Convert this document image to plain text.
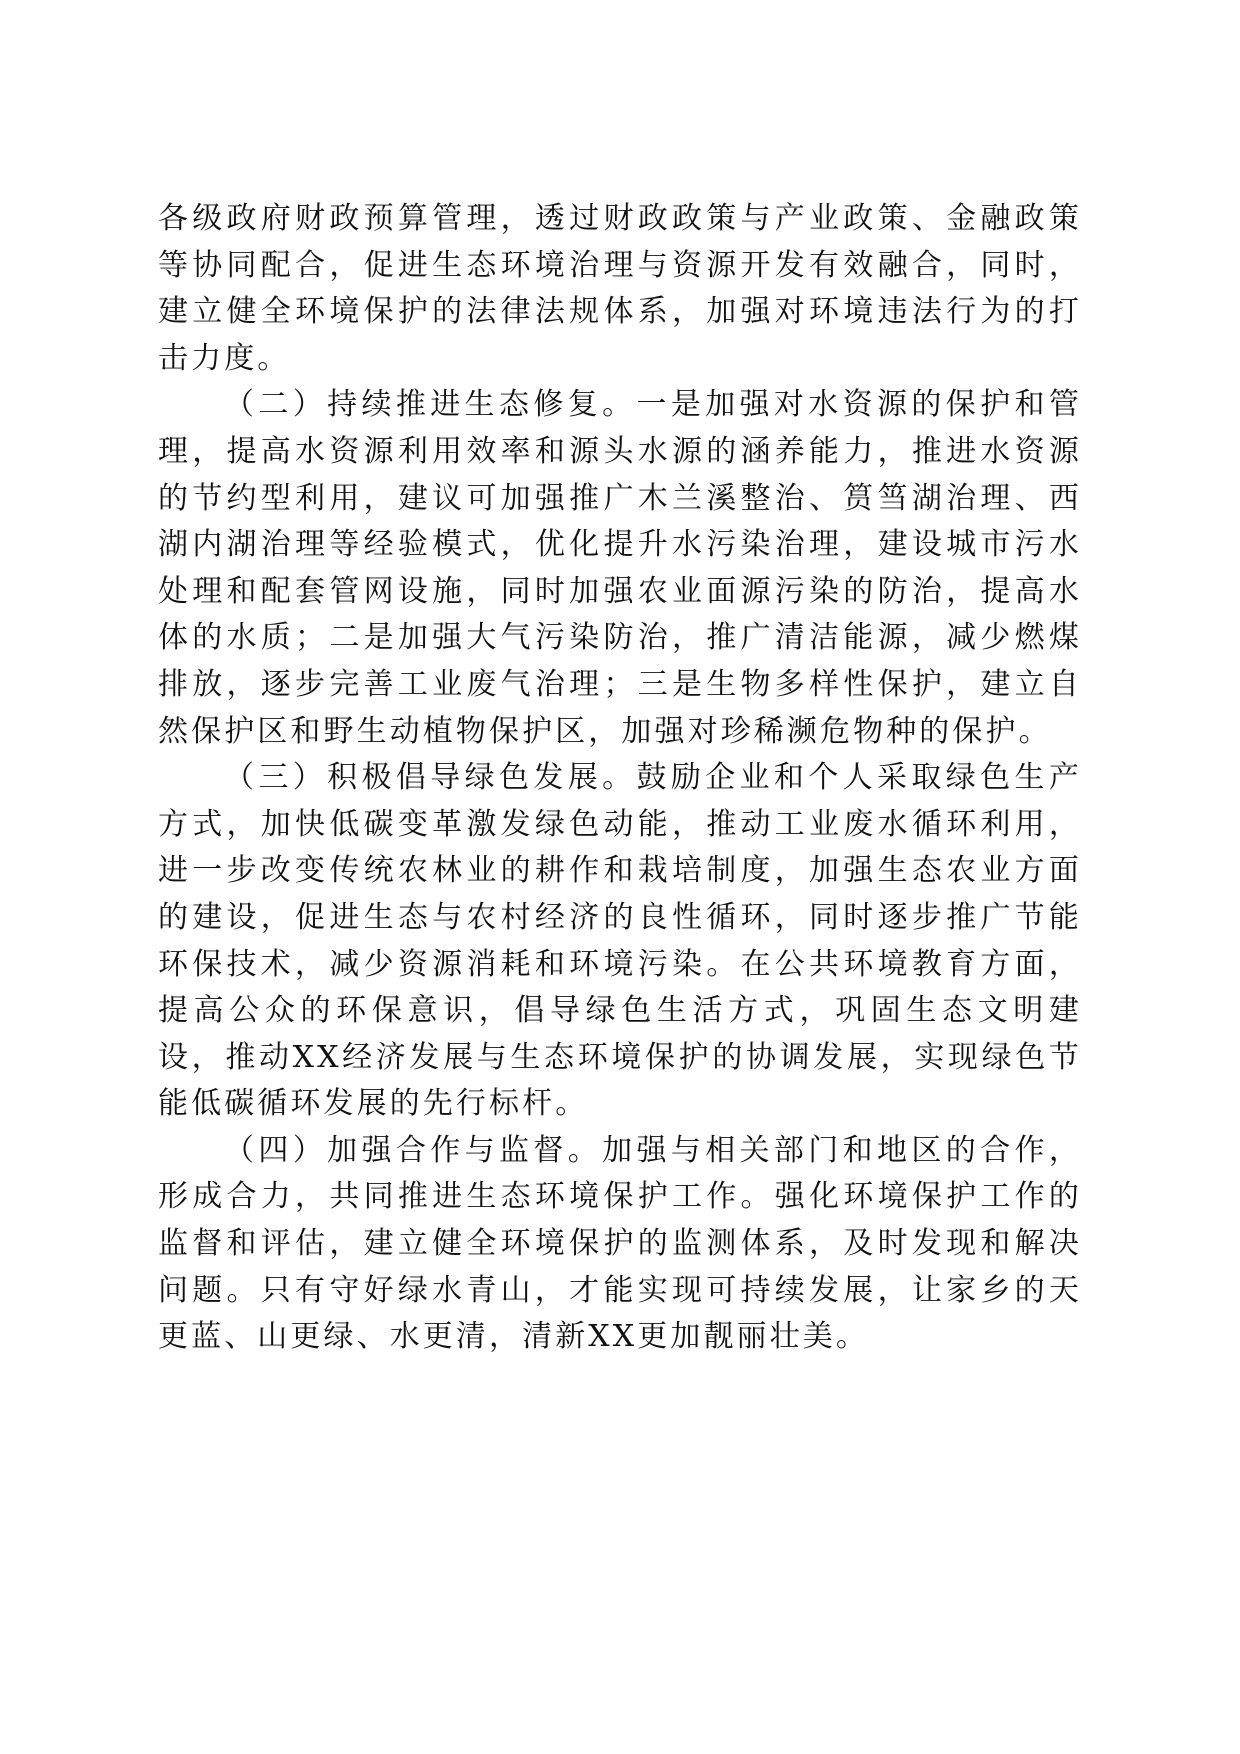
各级政府财政预算管理，透过财政政策与产业政策、金融政策等协同配合，促进生态环境治理与资源开发有效融合，同时，建立健全环境保护的法律法规体系，加强对环境违法行为的打击力度。

（二）持续推进生态修复。一是加强对水资源的保护和管理，提高水资源利用效率和源头水源的涵养能力，推进水资源的节约型利用，建议可加强推广木兰溪整治、筼筜湖治理、西湖内湖治理等经验模式，优化提升水污染治理，建设城市污水处理和配套管网设施，同时加强农业面源污染的防治，提高水体的水质；二是加强大气污染防治，推广清洁能源，减少燃煤排放，逐步完善工业废气治理；三是生物多样性保护，建立自然保护区和野生动植物保护区，加强对珍稀濒危物种的保护。

（三）积极倡导绿色发展。鼓励企业和个人采取绿色生产方式，加快低碳变革激发绿色动能，推动工业废水循环利用，进一步改变传统农林业的耕作和栽培制度，加强生态农业方面的建设，促进生态与农村经济的良性循环，同时逐步推广节能环保技术，减少资源消耗和环境污染。在公共环境教育方面，提高公众的环保意识，倡导绿色生活方式，巩固生态文明建设，推动XX经济发展与生态环境保护的协调发展，实现绿色节能低碳循环发展的先行标杆。

（四）加强合作与监督。加强与相关部门和地区的合作，形成合力，共同推进生态环境保护工作。强化环境保护工作的监督和评估，建立健全环境保护的监测体系，及时发现和解决问题。只有守好绿水青山，才能实现可持续发展，让家乡的天更蓝、山更绿、水更清，清新XX更加靓丽壮美。
